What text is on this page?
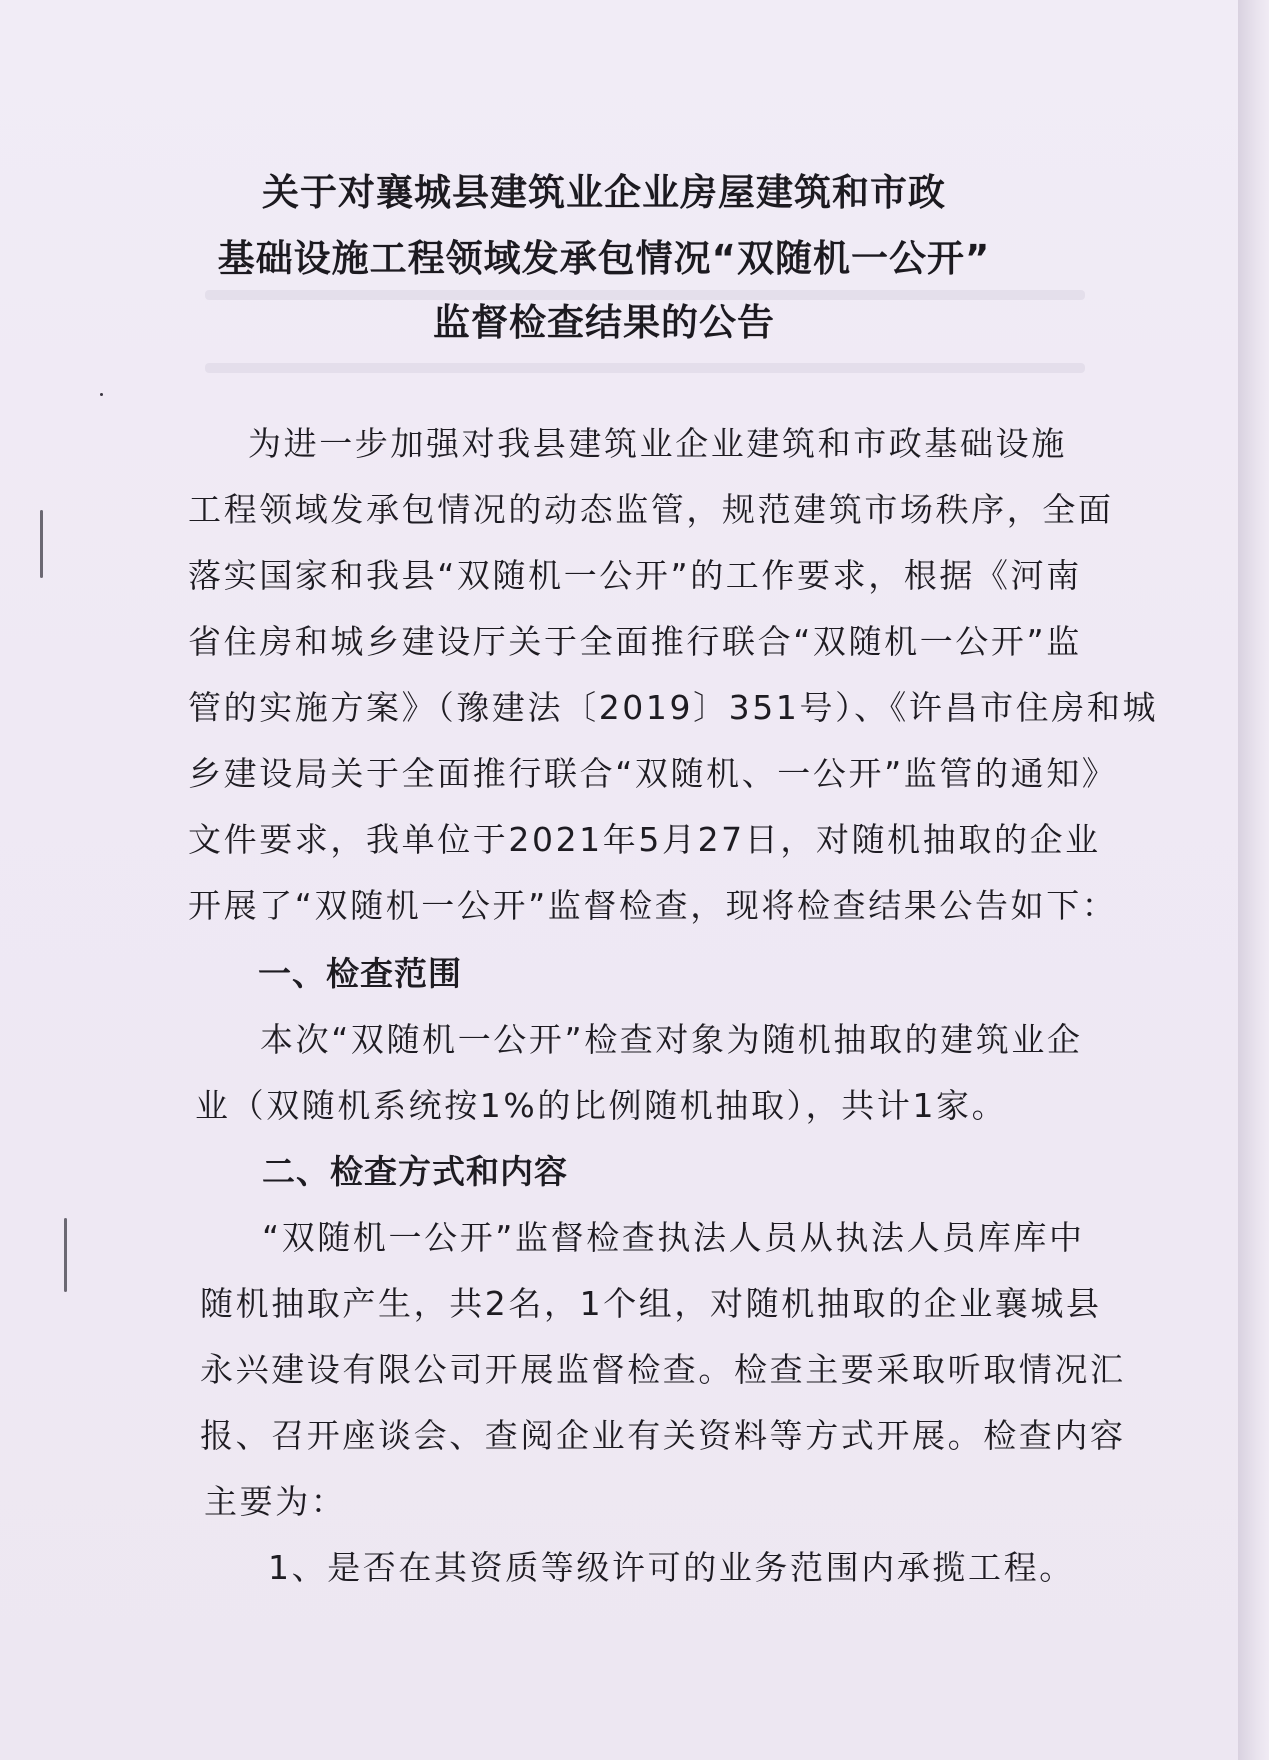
关于对襄城县建筑业企业房屋建筑和市政
基础设施工程领域发承包情况“双随机一公开”
监督检查结果的公告
为进一步加强对我县建筑业企业建筑和市政基础设施
工程领域发承包情况的动态监管，规范建筑市场秩序，全面
落实国家和我县“双随机一公开”的工作要求，根据《河南
省住房和城乡建设厅关于全面推行联合“双随机一公开”监
管的实施方案》（豫建法〔2019〕351号）、《许昌市住房和城
乡建设局关于全面推行联合“双随机、一公开”监管的通知》
文件要求，我单位于2021年5月27日，对随机抽取的企业
开展了“双随机一公开”监督检查，现将检查结果公告如下：
一、检查范围
本次“双随机一公开”检查对象为随机抽取的建筑业企
业（双随机系统按1%的比例随机抽取），共计1家。
二、检查方式和内容
“双随机一公开”监督检查执法人员从执法人员库库中
随机抽取产生，共2名，1个组，对随机抽取的企业襄城县
永兴建设有限公司开展监督检查。检查主要采取听取情况汇
报、召开座谈会、查阅企业有关资料等方式开展。检查内容
主要为：
1、是否在其资质等级许可的业务范围内承揽工程。
